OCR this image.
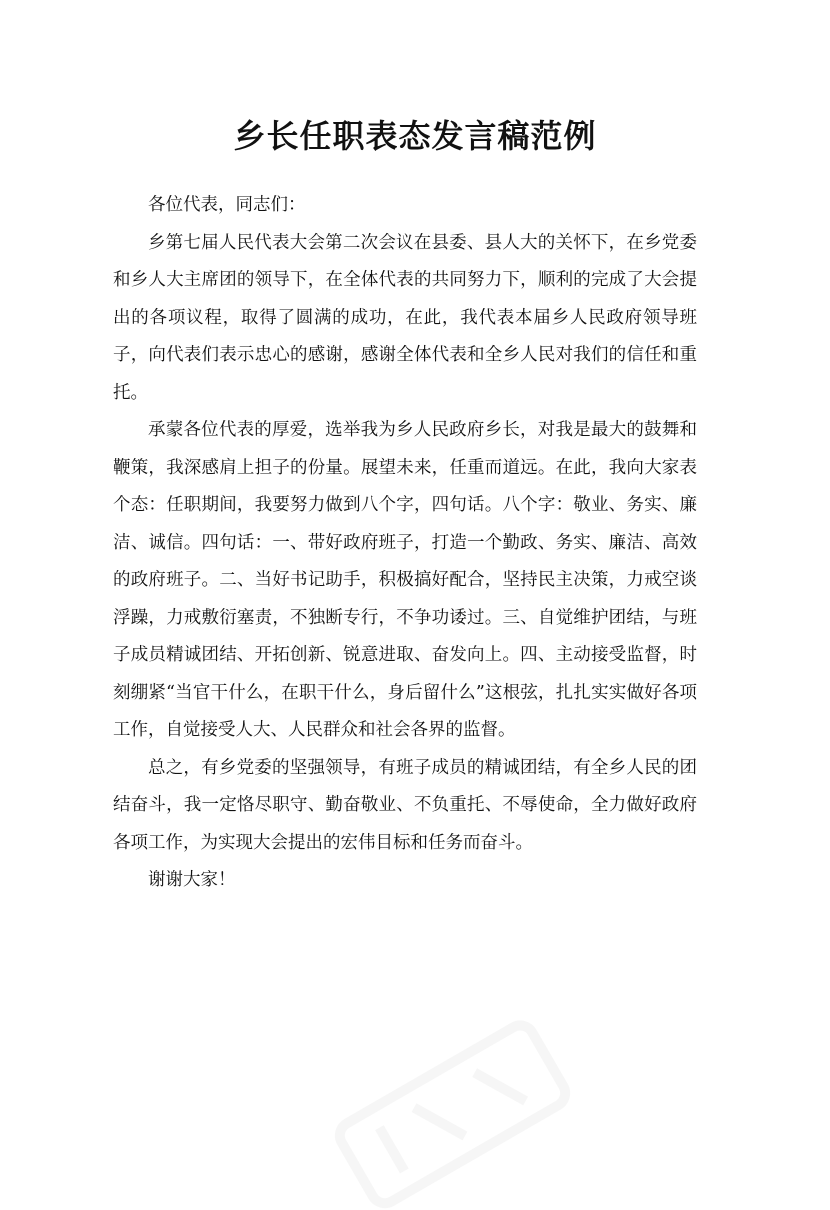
乡长任职表态发言稿范例

各位代表，同志们：

乡第七届人民代表大会第二次会议在县委、县人大的关怀下，在乡党委和乡人大主席团的领导下，在全体代表的共同努力下，顺利的完成了大会提出的各项议程，取得了圆满的成功，在此，我代表本届乡人民政府领导班子，向代表们表示忠心的感谢，感谢全体代表和全乡人民对我们的信任和重托。

承蒙各位代表的厚爱，选举我为乡人民政府乡长，对我是最大的鼓舞和鞭策，我深感肩上担子的份量。展望未来，任重而道远。在此，我向大家表个态：任职期间，我要努力做到八个字，四句话。八个字：敬业、务实、廉洁、诚信。四句话：一、带好政府班子，打造一个勤政、务实、廉洁、高效的政府班子。二、当好书记助手，积极搞好配合，坚持民主决策，力戒空谈浮躁，力戒敷衍塞责，不独断专行，不争功诿过。三、自觉维护团结，与班子成员精诚团结、开拓创新、锐意进取、奋发向上。四、主动接受监督，时刻绷紧“当官干什么，在职干什么，身后留什么”这根弦，扎扎实实做好各项工作，自觉接受人大、人民群众和社会各界的监督。

总之，有乡党委的坚强领导，有班子成员的精诚团结，有全乡人民的团结奋斗，我一定恪尽职守、勤奋敬业、不负重托、不辱使命，全力做好政府各项工作，为实现大会提出的宏伟目标和任务而奋斗。

谢谢大家！
